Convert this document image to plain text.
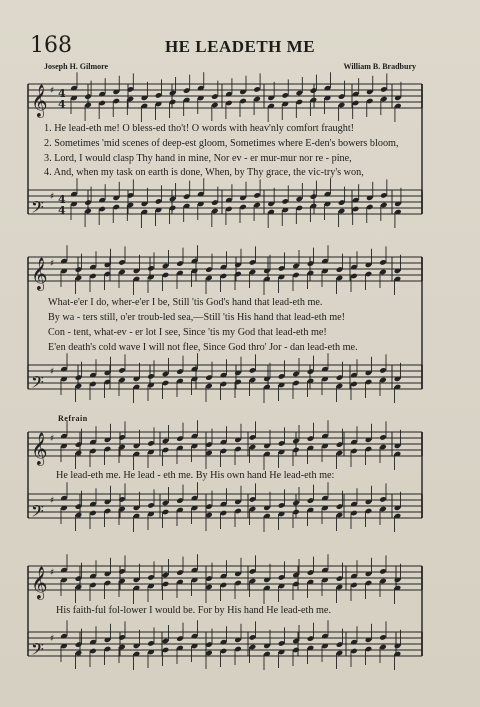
168	HE LEADETH ME
Joseph H. Gilmore	William B. Bradbury
𝄞 ♯ 4
4
𝄢 ♯ 4
4
𝄞 ♯
𝄢 ♯
𝄞 ♯
𝄢 ♯
𝄞 ♯
𝄢 ♯
1. He lead-eth me! O bless-ed tho't! O words with heav'nly comfort fraught!
2. Sometimes 'mid scenes of deep-est gloom, Sometimes where E-den's bowers bloom,
3. Lord, I would clasp Thy hand in mine, Nor ev - er mur-mur nor re - pine,
4. And, when my task on earth is done, When, by Thy grace, the vic-try's won,
What-e'er I do, wher-e'er I be, Still 'tis God's hand that lead-eth me.
By wa - ters still, o'er troub-led sea,—Still 'tis His hand that lead-eth me!
Con - tent, what-ev - er lot I see, Since 'tis my God that lead-eth me!
E'en death's cold wave I will not flee, Since God thro' Jor - dan lead-eth me.
Refrain
He lead-eth me. He lead - eth me. By His own hand He lead-eth me:
His faith-ful fol-lower I would be. For by His hand He lead-eth me.
